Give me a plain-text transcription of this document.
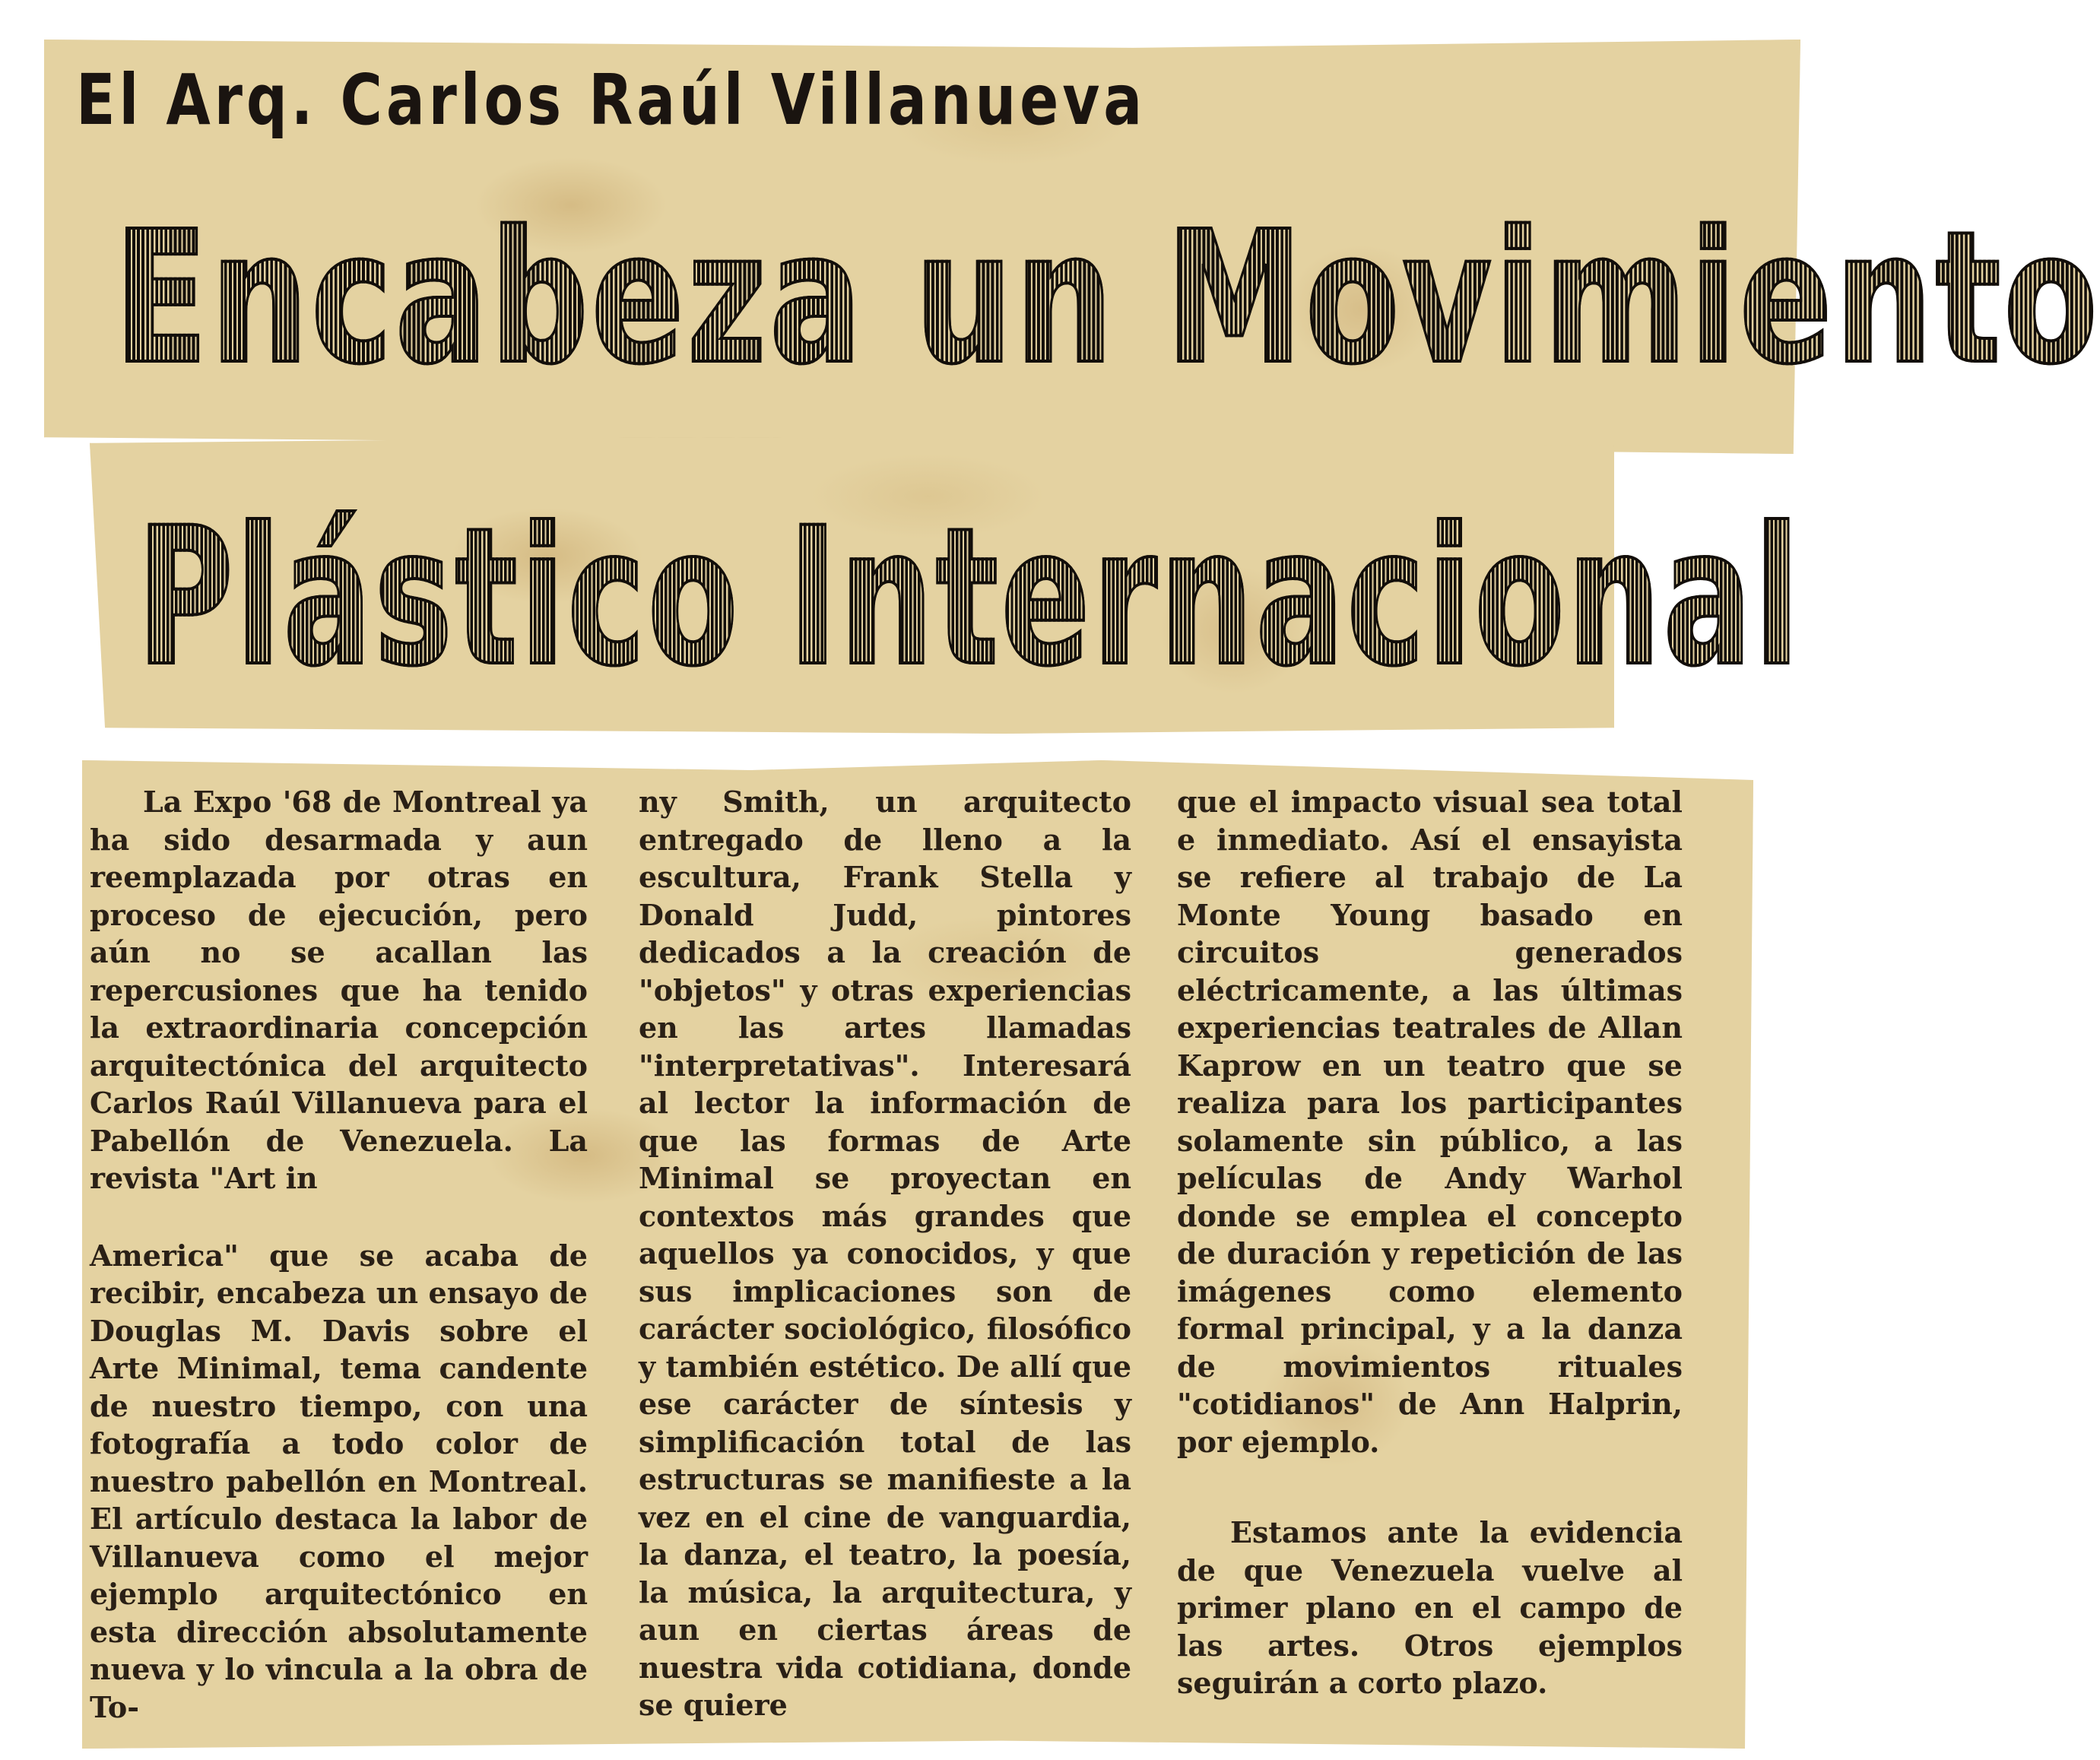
El Arq. Carlos Raúl Villanueva
Encabeza un Movimiento
Plástico Internacional

La Expo '68 de Montreal ya ha sido desarmada y aun reemplazada por otras en proceso de ejecución, pero aún no se acallan las repercusiones que ha tenido la extraordinaria concepción arquitectónica del arquitecto Carlos Raúl Villanueva para el Pabellón de Venezuela. La revista "Art in

America" que se acaba de recibir, encabeza un ensayo de Douglas M. Davis sobre el Arte Minimal, tema candente de nuestro tiempo, con una fotografía a todo color de nuestro pabellón en Montreal. El artículo destaca la labor de Villanueva como el mejor ejemplo arquitectónico en esta dirección absolutamente nueva y lo vincula a la obra de To-

ny Smith, un arquitecto entregado de lleno a la escultura, Frank Stella y Donald Judd, pintores dedicados a la creación de "objetos" y otras experiencias en las artes llamadas "interpretativas". Interesará al lector la información de que las formas de Arte Minimal se proyectan en contextos más grandes que aquellos ya conocidos, y que sus implicaciones son de carácter sociológico, filosófico y también estético. De allí que ese carácter de síntesis y simplificación total de las estructuras se manifieste a la vez en el cine de vanguardia, la danza, el teatro, la poesía, la música, la arquitectura, y aun en ciertas áreas de nuestra vida cotidiana, donde se quiere

que el impacto visual sea total e inmediato. Así el ensayista se refiere al trabajo de La Monte Young basado en circuitos generados eléctricamente, a las últimas experiencias teatrales de Allan Kaprow en un teatro que se realiza para los participantes solamente sin público, a las películas de Andy Warhol donde se emplea el concepto de duración y repetición de las imágenes como elemento formal principal, y a la danza de movimientos rituales "cotidianos" de Ann Halprin, por ejemplo.

Estamos ante la evidencia de que Venezuela vuelve al primer plano en el campo de las artes. Otros ejemplos seguirán a corto plazo.
